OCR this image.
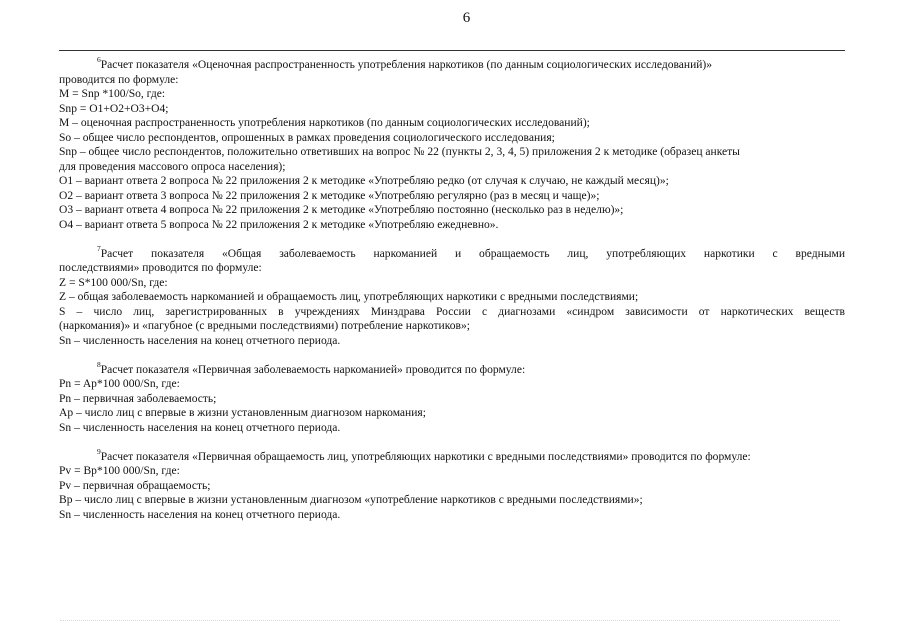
6
$^6$Расчет показателя «Оценочная распространенность употребления наркотиков (по данным социологических исследований)»
проводится по формуле:
M = Snp *100/So, где:
Snp = O1+O2+O3+O4;
M – оценочная распространенность употребления наркотиков (по данным социологических исследований);
So – общее число респондентов, опрошенных в рамках проведения социологического исследования;
Snp – общее число респондентов, положительно ответивших на вопрос № 22 (пункты 2, 3, 4, 5) приложения 2 к методике (образец анкеты
для проведения массового опроса населения);
O1 – вариант ответа 2 вопроса № 22 приложения 2 к методике «Употребляю редко (от случая к случаю, не каждый месяц)»;
O2 – вариант ответа 3 вопроса № 22 приложения 2 к методике «Употребляю регулярно (раз в месяц и чаще)»;
O3 – вариант ответа 4 вопроса № 22 приложения 2 к методике «Употребляю постоянно (несколько раз в неделю)»;
O4 – вариант ответа 5 вопроса № 22 приложения 2 к методике «Употребляю ежедневно».
$^7$Расчет показателя «Общая заболеваемость наркоманией и обращаемость лиц, употребляющих наркотики с вредными
последствиями» проводится по формуле:
Z = S*100 000/Sn, где:
Z – общая заболеваемость наркоманией и обращаемость лиц, употребляющих наркотики с вредными последствиями;
S – число лиц, зарегистрированных в учреждениях Минздрава России с диагнозами «синдром зависимости от наркотических веществ
(наркомания)» и «пагубное (с вредными последствиями) потребление наркотиков»;
Sn – численность населения на конец отчетного периода.
$^8$Расчет показателя «Первичная заболеваемость наркоманией» проводится по формуле:
Pn = Ap*100 000/Sn, где:
Pn – первичная заболеваемость;
Ap – число лиц с впервые в жизни установленным диагнозом наркомания;
Sn – численность населения на конец отчетного периода.
$^9$Расчет показателя «Первичная обращаемость лиц, употребляющих наркотики с вредными последствиями» проводится по формуле:
Pv = Bp*100 000/Sn, где:
Pv – первичная обращаемость;
Bp – число лиц с впервые в жизни установленным диагнозом «употребление наркотиков с вредными последствиями»;
Sn – численность населения на конец отчетного периода.
